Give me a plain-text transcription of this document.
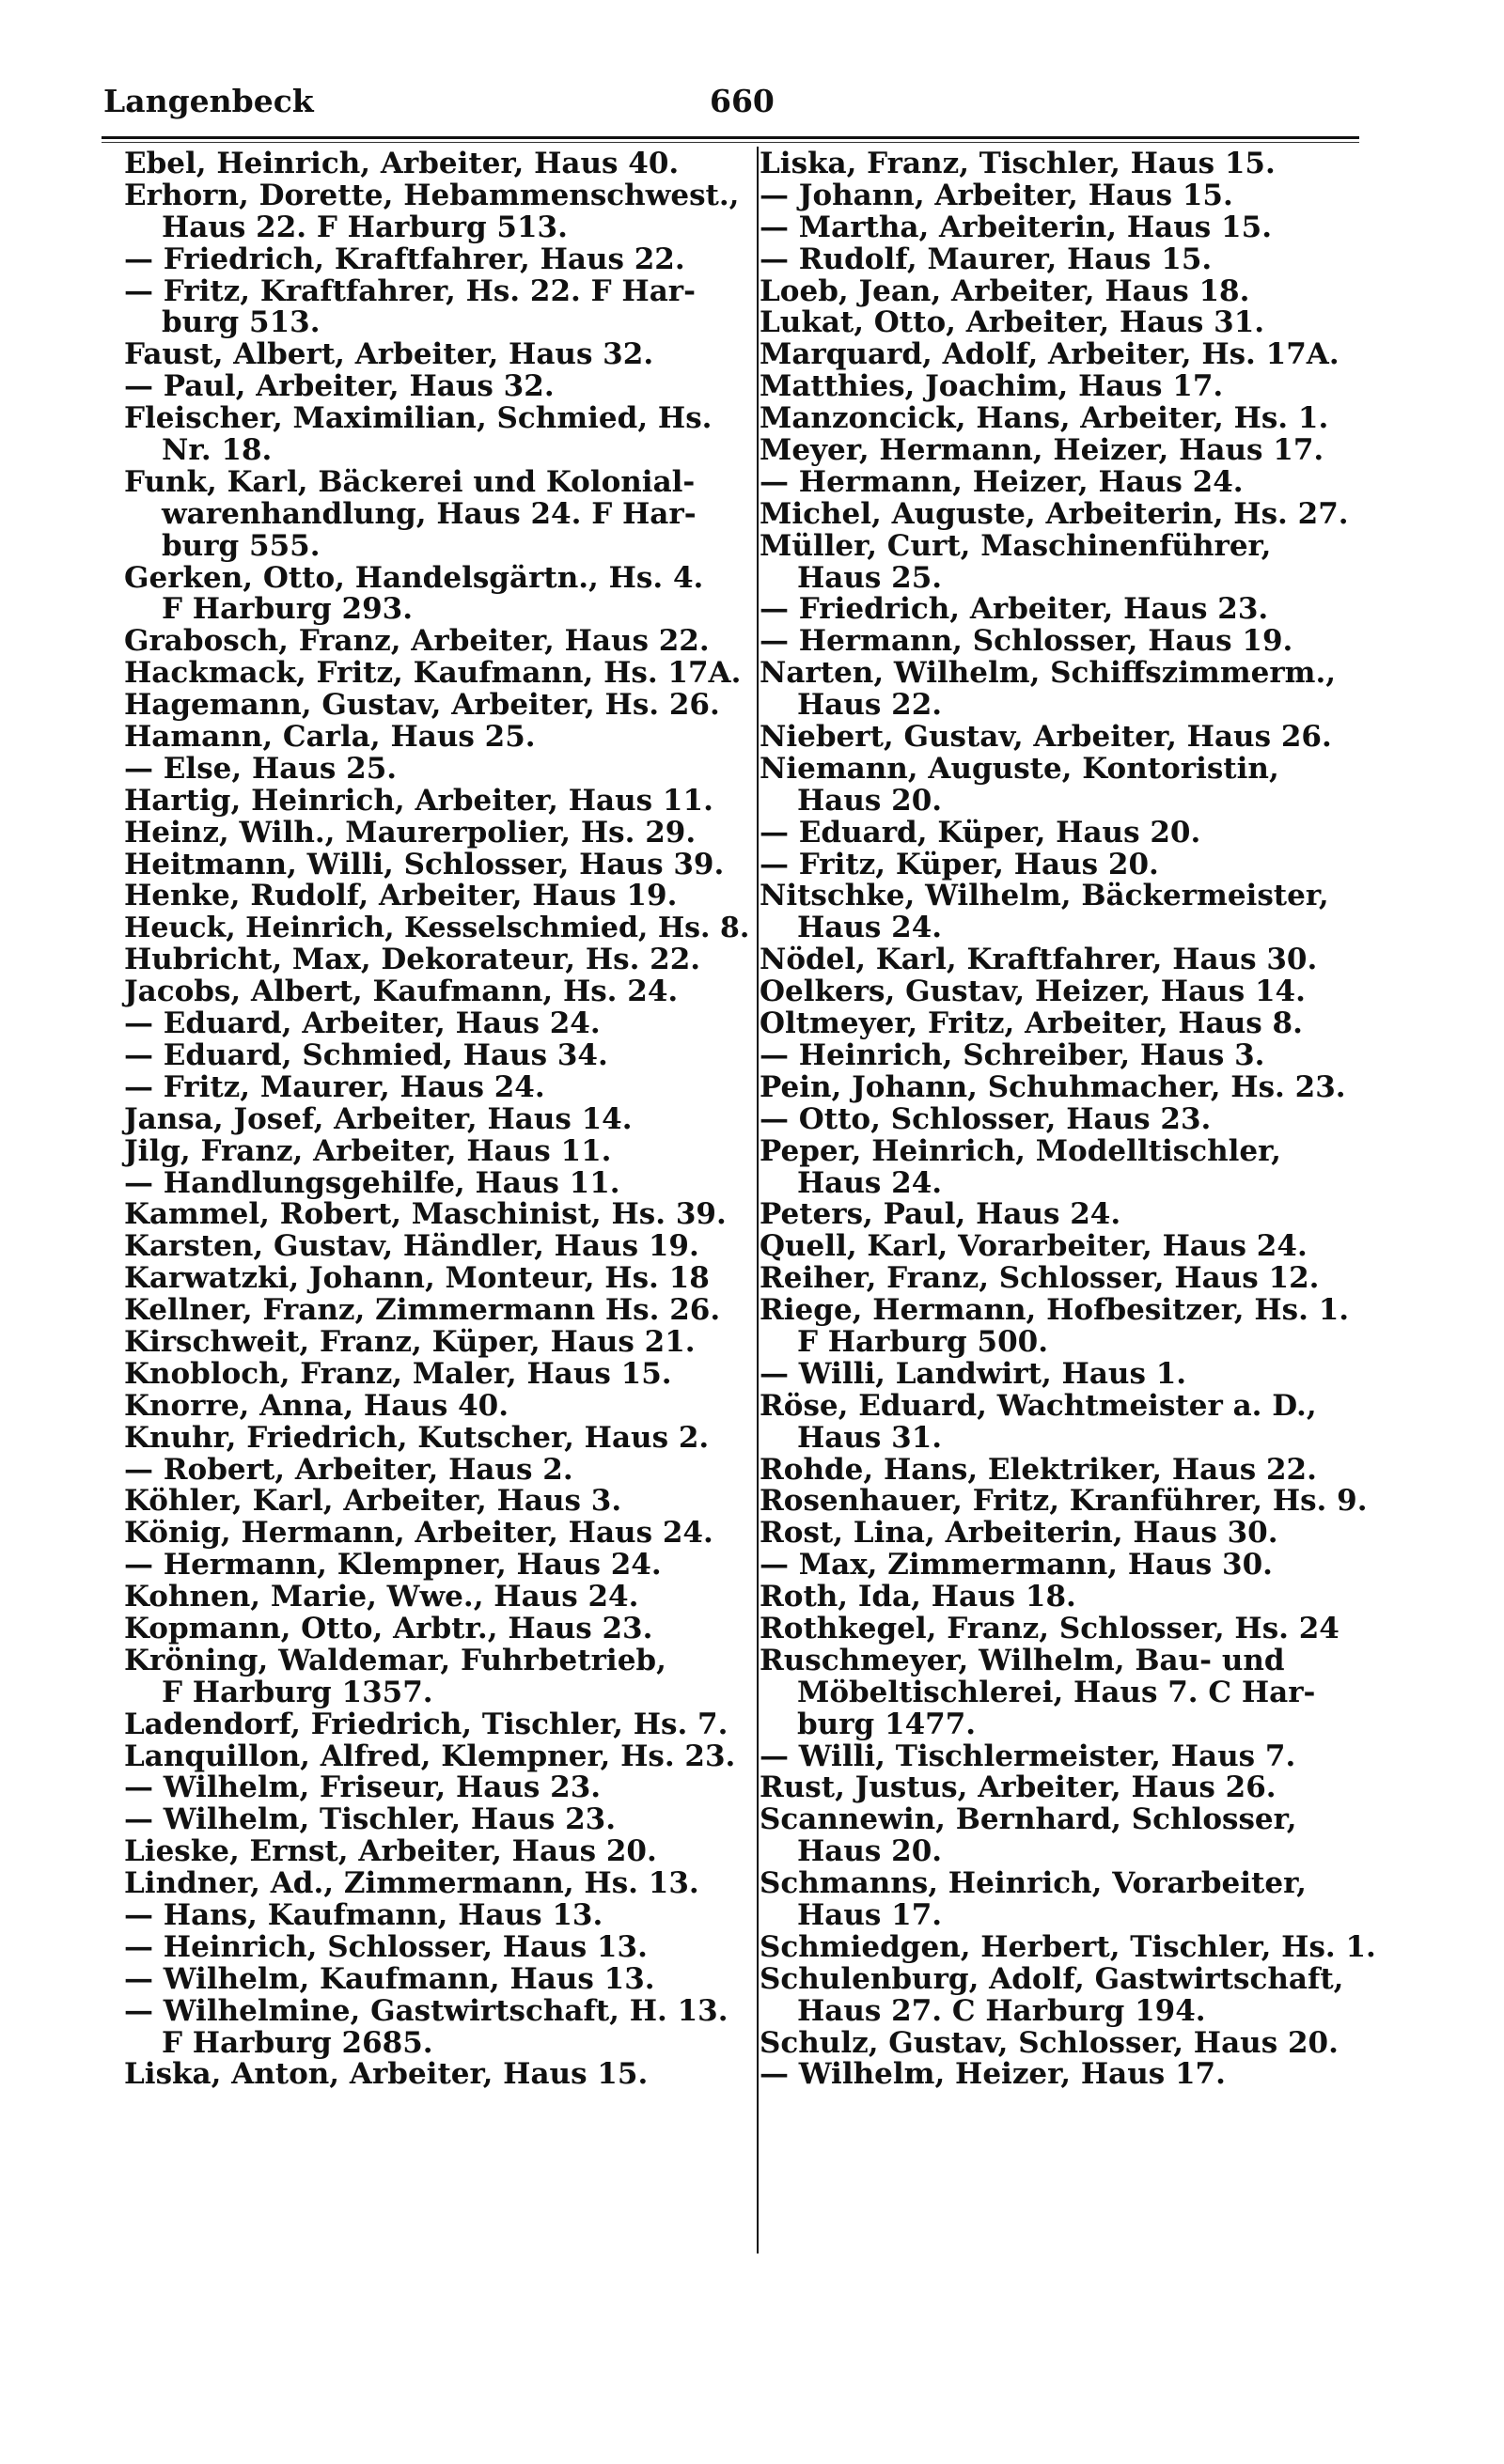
Langenbeck	660
Ebel, Heinrich, Arbeiter, Haus 40.
Erhorn, Dorette, Hebammenschwest.,
Haus 22. F Harburg 513.
— Friedrich, Kraftfahrer, Haus 22.
— Fritz, Kraftfahrer, Hs. 22. F Har-
burg 513.
Faust, Albert, Arbeiter, Haus 32.
— Paul, Arbeiter, Haus 32.
Fleischer, Maximilian, Schmied, Hs.
Nr. 18.
Funk, Karl, Bäckerei und Kolonial-
warenhandlung, Haus 24. F Har-
burg 555.
Gerken, Otto, Handelsgärtn., Hs. 4.
F Harburg 293.
Grabosch, Franz, Arbeiter, Haus 22.
Hackmack, Fritz, Kaufmann, Hs. 17A.
Hagemann, Gustav, Arbeiter, Hs. 26.
Hamann, Carla, Haus 25.
— Else, Haus 25.
Hartig, Heinrich, Arbeiter, Haus 11.
Heinz, Wilh., Maurerpolier, Hs. 29.
Heitmann, Willi, Schlosser, Haus 39.
Henke, Rudolf, Arbeiter, Haus 19.
Heuck, Heinrich, Kesselschmied, Hs. 8.
Hubricht, Max, Dekorateur, Hs. 22.
Jacobs, Albert, Kaufmann, Hs. 24.
— Eduard, Arbeiter, Haus 24.
— Eduard, Schmied, Haus 34.
— Fritz, Maurer, Haus 24.
Jansa, Josef, Arbeiter, Haus 14.
Jilg, Franz, Arbeiter, Haus 11.
— Handlungsgehilfe, Haus 11.
Kammel, Robert, Maschinist, Hs. 39.
Karsten, Gustav, Händler, Haus 19.
Karwatzki, Johann, Monteur, Hs. 18
Kellner, Franz, Zimmermann Hs. 26.
Kirschweit, Franz, Küper, Haus 21.
Knobloch, Franz, Maler, Haus 15.
Knorre, Anna, Haus 40.
Knuhr, Friedrich, Kutscher, Haus 2.
— Robert, Arbeiter, Haus 2.
Köhler, Karl, Arbeiter, Haus 3.
König, Hermann, Arbeiter, Haus 24.
— Hermann, Klempner, Haus 24.
Kohnen, Marie, Wwe., Haus 24.
Kopmann, Otto, Arbtr., Haus 23.
Kröning, Waldemar, Fuhrbetrieb,
F Harburg 1357.
Ladendorf, Friedrich, Tischler, Hs. 7.
Lanquillon, Alfred, Klempner, Hs. 23.
— Wilhelm, Friseur, Haus 23.
— Wilhelm, Tischler, Haus 23.
Lieske, Ernst, Arbeiter, Haus 20.
Lindner, Ad., Zimmermann, Hs. 13.
— Hans, Kaufmann, Haus 13.
— Heinrich, Schlosser, Haus 13.
— Wilhelm, Kaufmann, Haus 13.
— Wilhelmine, Gastwirtschaft, H. 13.
F Harburg 2685.
Liska, Anton, Arbeiter, Haus 15.
Liska, Franz, Tischler, Haus 15.
— Johann, Arbeiter, Haus 15.
— Martha, Arbeiterin, Haus 15.
— Rudolf, Maurer, Haus 15.
Loeb, Jean, Arbeiter, Haus 18.
Lukat, Otto, Arbeiter, Haus 31.
Marquard, Adolf, Arbeiter, Hs. 17A.
Matthies, Joachim, Haus 17.
Manzoncick, Hans, Arbeiter, Hs. 1.
Meyer, Hermann, Heizer, Haus 17.
— Hermann, Heizer, Haus 24.
Michel, Auguste, Arbeiterin, Hs. 27.
Müller, Curt, Maschinenführer,
Haus 25.
— Friedrich, Arbeiter, Haus 23.
— Hermann, Schlosser, Haus 19.
Narten, Wilhelm, Schiffszimmerm.,
Haus 22.
Niebert, Gustav, Arbeiter, Haus 26.
Niemann, Auguste, Kontoristin,
Haus 20.
— Eduard, Küper, Haus 20.
— Fritz, Küper, Haus 20.
Nitschke, Wilhelm, Bäckermeister,
Haus 24.
Nödel, Karl, Kraftfahrer, Haus 30.
Oelkers, Gustav, Heizer, Haus 14.
Oltmeyer, Fritz, Arbeiter, Haus 8.
— Heinrich, Schreiber, Haus 3.
Pein, Johann, Schuhmacher, Hs. 23.
— Otto, Schlosser, Haus 23.
Peper, Heinrich, Modelltischler,
Haus 24.
Peters, Paul, Haus 24.
Quell, Karl, Vorarbeiter, Haus 24.
Reiher, Franz, Schlosser, Haus 12.
Riege, Hermann, Hofbesitzer, Hs. 1.
F Harburg 500.
— Willi, Landwirt, Haus 1.
Röse, Eduard, Wachtmeister a. D.,
Haus 31.
Rohde, Hans, Elektriker, Haus 22.
Rosenhauer, Fritz, Kranführer, Hs. 9.
Rost, Lina, Arbeiterin, Haus 30.
— Max, Zimmermann, Haus 30.
Roth, Ida, Haus 18.
Rothkegel, Franz, Schlosser, Hs. 24
Ruschmeyer, Wilhelm, Bau- und
Möbeltischlerei, Haus 7. C Har-
burg 1477.
— Willi, Tischlermeister, Haus 7.
Rust, Justus, Arbeiter, Haus 26.
Scannewin, Bernhard, Schlosser,
Haus 20.
Schmanns, Heinrich, Vorarbeiter,
Haus 17.
Schmiedgen, Herbert, Tischler, Hs. 1.
Schulenburg, Adolf, Gastwirtschaft,
Haus 27. C Harburg 194.
Schulz, Gustav, Schlosser, Haus 20.
— Wilhelm, Heizer, Haus 17.
